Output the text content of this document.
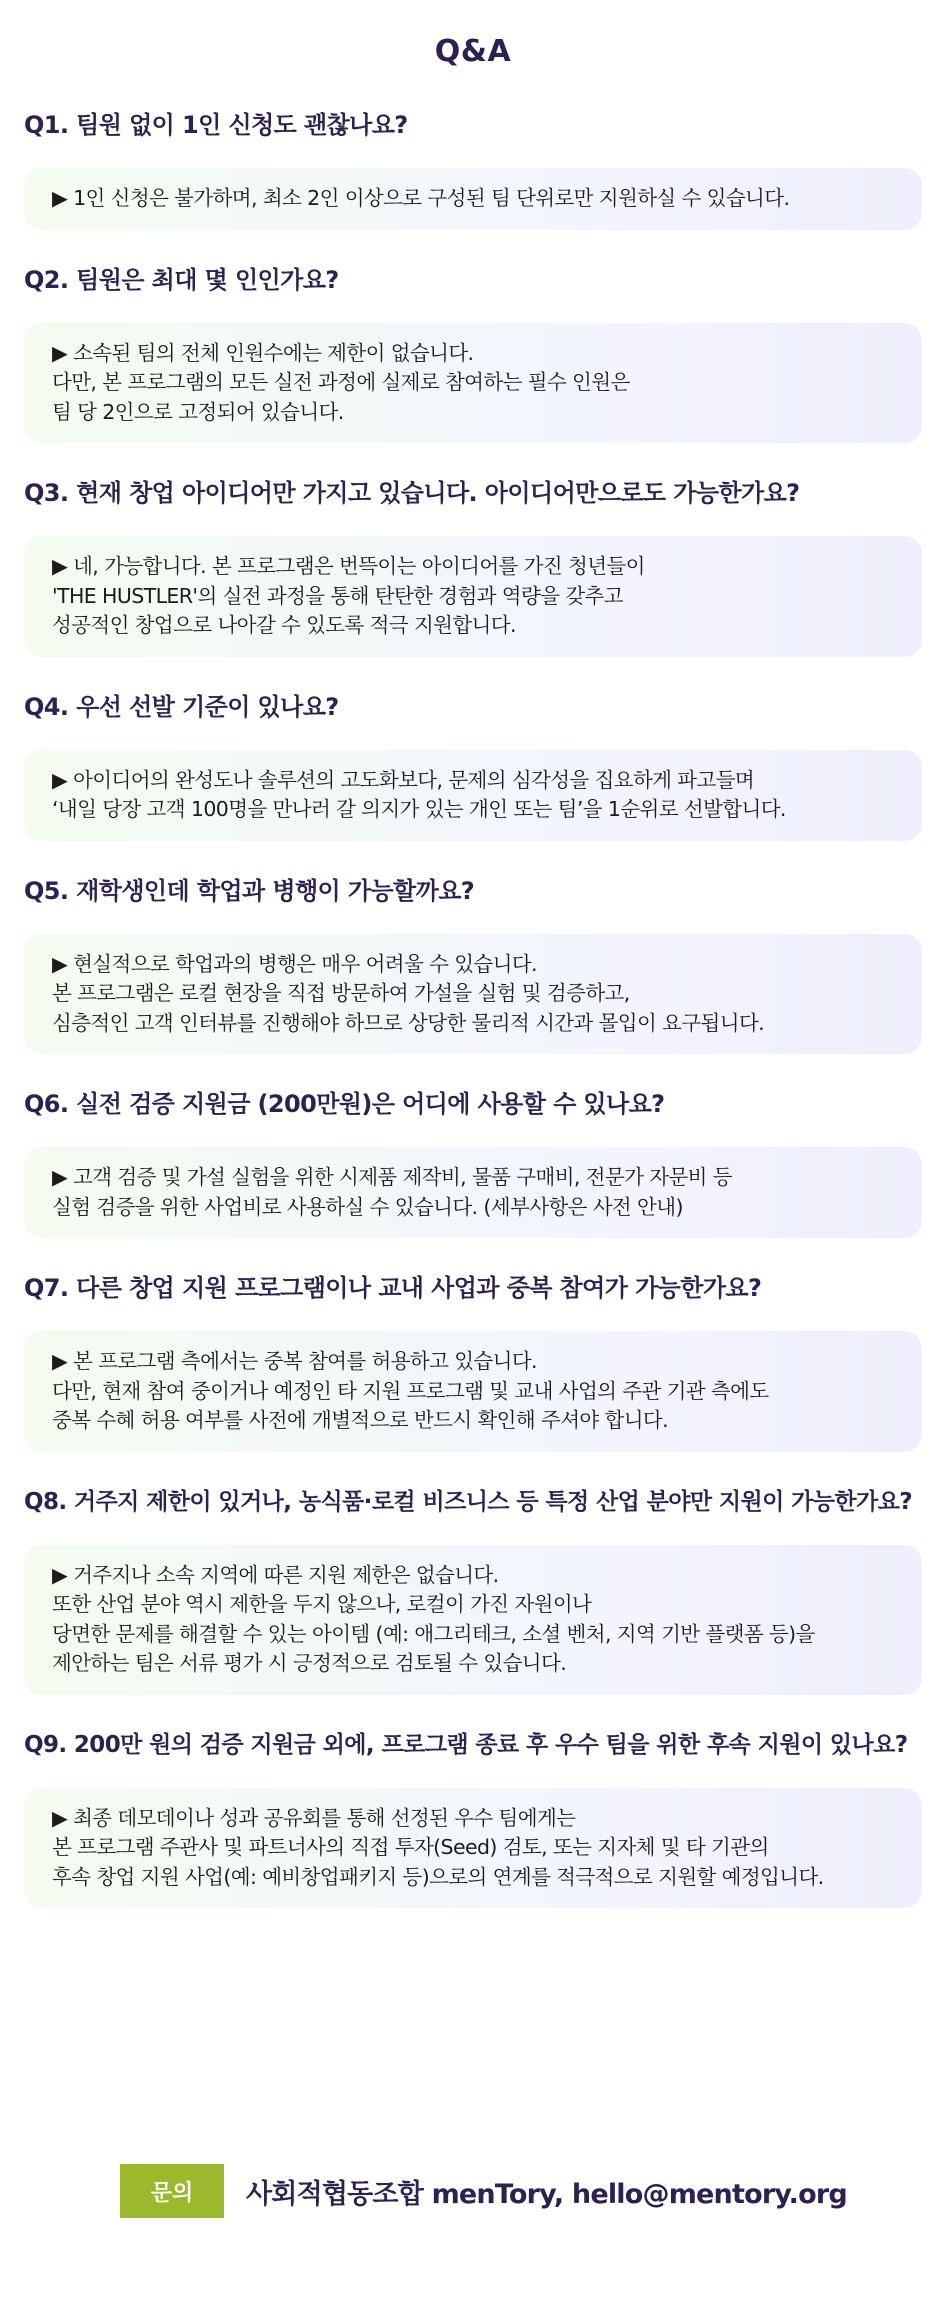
Q&A
Q1. 팀원 없이 1인 신청도 괜찮나요?
▶ 1인 신청은 불가하며, 최소 2인 이상으로 구성된 팀 단위로만 지원하실 수 있습니다.
Q2. 팀원은 최대 몇 인인가요?
▶ 소속된 팀의 전체 인원수에는 제한이 없습니다.
다만, 본 프로그램의 모든 실전 과정에 실제로 참여하는 필수 인원은
팀 당 2인으로 고정되어 있습니다.
Q3. 현재 창업 아이디어만 가지고 있습니다. 아이디어만으로도 가능한가요?
▶ 네, 가능합니다. 본 프로그램은 번뜩이는 아이디어를 가진 청년들이
'THE HUSTLER'의 실전 과정을 통해 탄탄한 경험과 역량을 갖추고
성공적인 창업으로 나아갈 수 있도록 적극 지원합니다.
Q4. 우선 선발 기준이 있나요?
▶ 아이디어의 완성도나 솔루션의 고도화보다, 문제의 심각성을 집요하게 파고들며
‘내일 당장 고객 100명을 만나러 갈 의지가 있는 개인 또는 팀’을 1순위로 선발합니다.
Q5. 재학생인데 학업과 병행이 가능할까요?
▶ 현실적으로 학업과의 병행은 매우 어려울 수 있습니다.
본 프로그램은 로컬 현장을 직접 방문하여 가설을 실험 및 검증하고,
심층적인 고객 인터뷰를 진행해야 하므로 상당한 물리적 시간과 몰입이 요구됩니다.
Q6. 실전 검증 지원금 (200만원)은 어디에 사용할 수 있나요?
▶ 고객 검증 및 가설 실험을 위한 시제품 제작비, 물품 구매비, 전문가 자문비 등
실험 검증을 위한 사업비로 사용하실 수 있습니다. (세부사항은 사전 안내)
Q7. 다른 창업 지원 프로그램이나 교내 사업과 중복 참여가 가능한가요?
▶ 본 프로그램 측에서는 중복 참여를 허용하고 있습니다.
다만, 현재 참여 중이거나 예정인 타 지원 프로그램 및 교내 사업의 주관 기관 측에도
중복 수혜 허용 여부를 사전에 개별적으로 반드시 확인해 주셔야 합니다.
Q8. 거주지 제한이 있거나, 농식품·로컬 비즈니스 등 특정 산업 분야만 지원이 가능한가요?
▶ 거주지나 소속 지역에 따른 지원 제한은 없습니다.
또한 산업 분야 역시 제한을 두지 않으나, 로컬이 가진 자원이나
당면한 문제를 해결할 수 있는 아이템 (예: 애그리테크, 소셜 벤처, 지역 기반 플랫폼 등)을
제안하는 팀은 서류 평가 시 긍정적으로 검토될 수 있습니다.
Q9. 200만 원의 검증 지원금 외에, 프로그램 종료 후 우수 팀을 위한 후속 지원이 있나요?
▶ 최종 데모데이나 성과 공유회를 통해 선정된 우수 팀에게는
본 프로그램 주관사 및 파트너사의 직접 투자(Seed) 검토, 또는 지자체 및 타 기관의
후속 창업 지원 사업(예: 예비창업패키지 등)으로의 연계를 적극적으로 지원할 예정입니다.
문의	사회적협동조합 menTory, hello@mentory.org
